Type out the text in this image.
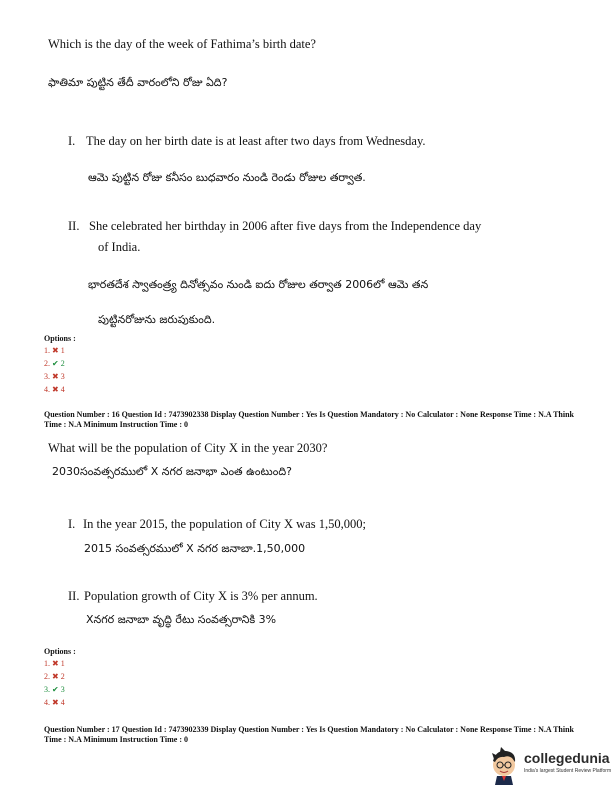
Which is the day of the week of Fathima’s birth date?
ఫాతిమా పుట్టిన తేదీ వారంలోని రోజు ఏది?
I. The day on her birth date is at least after two days from Wednesday.
ఆమె పుట్టిన రోజు కనీసం బుధవారం నుండి రెండు రోజుల తర్వాత.
II. She celebrated her birthday in 2006 after five days from the Independence day
of India.
భారతదేశ స్వాతంత్ర్య దినోత్సవం నుండి ఐదు రోజుల తర్వాత 2006లో ఆమె తన
పుట్టినరోజును జరుపుకుంది.
Options :
1. ✖ 1
2. ✔ 2
3. ✖ 3
4. ✖ 4
Question Number : 16 Question Id : 7473902338 Display Question Number : Yes Is Question Mandatory : No Calculator : None Response Time : N.A Think Time : N.A Minimum Instruction Time : 0
What will be the population of City X in the year 2030?
2030సంవత్సరములో X నగర జనాభా ఎంత ఉంటుంది?
I. In the year 2015, the population of City X was 1,50,000;
2015 సంవత్సరములో X నగర జనాబా.1,50,000
II. Population growth of City X is 3% per annum.
Xనగర జనాబా వృద్ధి రేటు సంవత్సరానికి 3%
Options :
1. ✖ 1
2. ✖ 2
3. ✔ 3
4. ✖ 4
Question Number : 17 Question Id : 7473902339 Display Question Number : Yes Is Question Mandatory : No Calculator : None Response Time : N.A Think Time : N.A Minimum Instruction Time : 0
collegedunia
India's largest Student Review Platform
